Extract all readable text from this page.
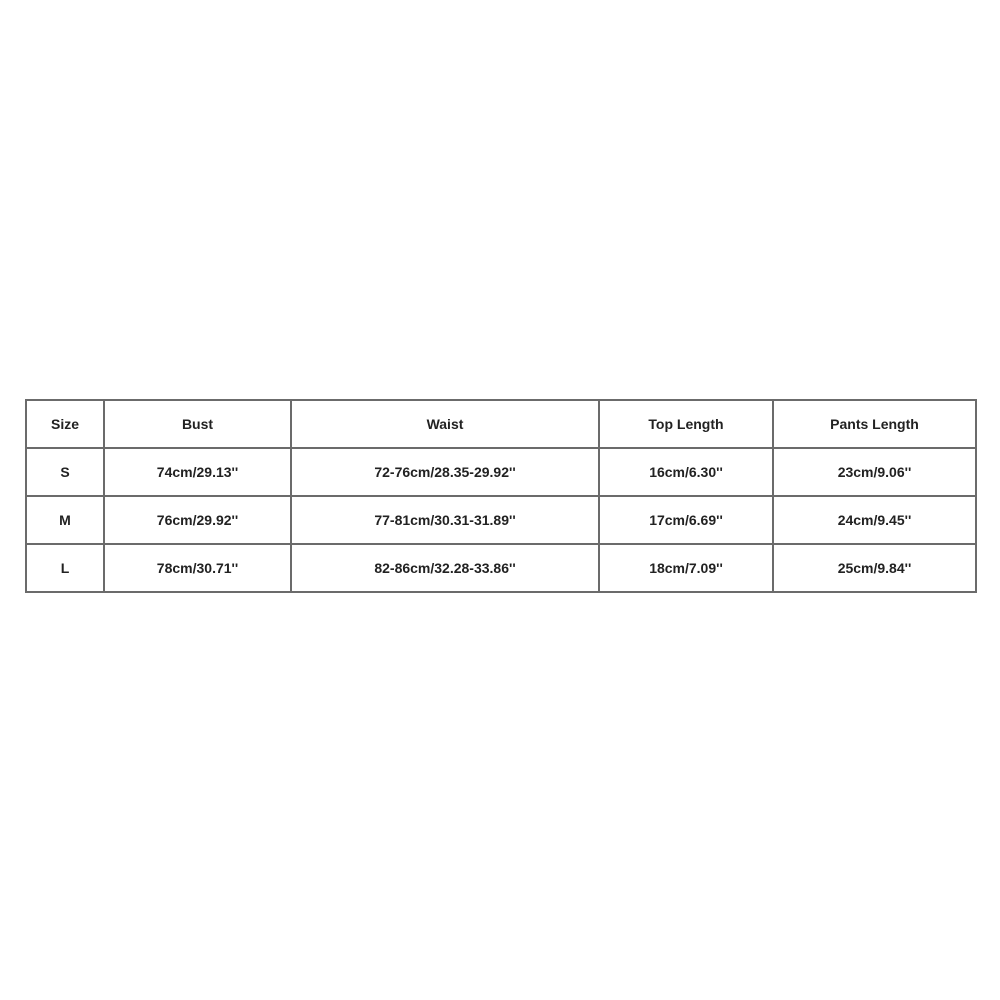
Size	Bust	Waist	Top Length	Pants Length
S	74cm/29.13''	72-76cm/28.35-29.92''	16cm/6.30''	23cm/9.06''
M	76cm/29.92''	77-81cm/30.31-31.89''	17cm/6.69''	24cm/9.45''
L	78cm/30.71''	82-86cm/32.28-33.86''	18cm/7.09''	25cm/9.84''
